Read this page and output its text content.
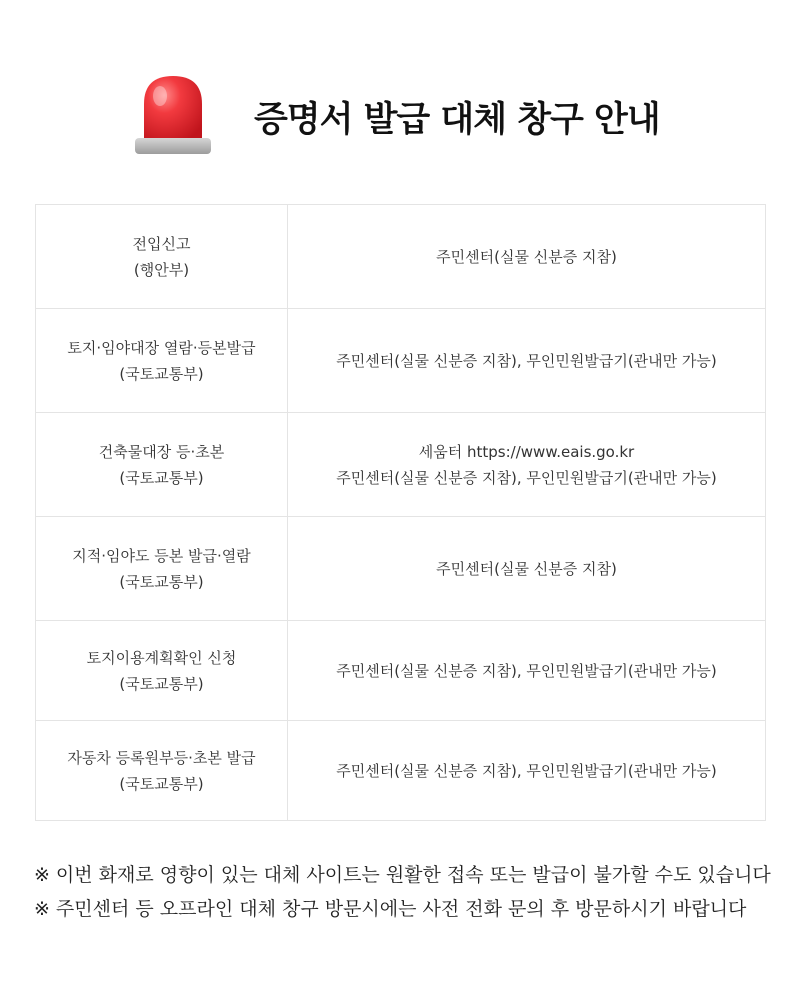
증명서 발급 대체 창구 안내
전입신고
(행안부)	주민센터(실물 신분증 지참)

토지·임야대장 열람·등본발급
(국토교통부)	주민센터(실물 신분증 지참), 무인민원발급기(관내만 가능)

건축물대장 등·초본
(국토교통부)	세움터 https://www.eais.go.kr
주민센터(실물 신분증 지참), 무인민원발급기(관내만 가능)

지적·임야도 등본 발급·열람
(국토교통부)	주민센터(실물 신분증 지참)

토지이용계획확인 신청
(국토교통부)	주민센터(실물 신분증 지참), 무인민원발급기(관내만 가능)

자동차 등록원부등·초본 발급
(국토교통부)	주민센터(실물 신분증 지참), 무인민원발급기(관내만 가능)
※ 이번 화재로 영향이 있는 대체 사이트는 원활한 접속 또는 발급이 불가할 수도 있습니다
※ 주민센터 등 오프라인 대체 창구 방문시에는 사전 전화 문의 후 방문하시기 바랍니다
